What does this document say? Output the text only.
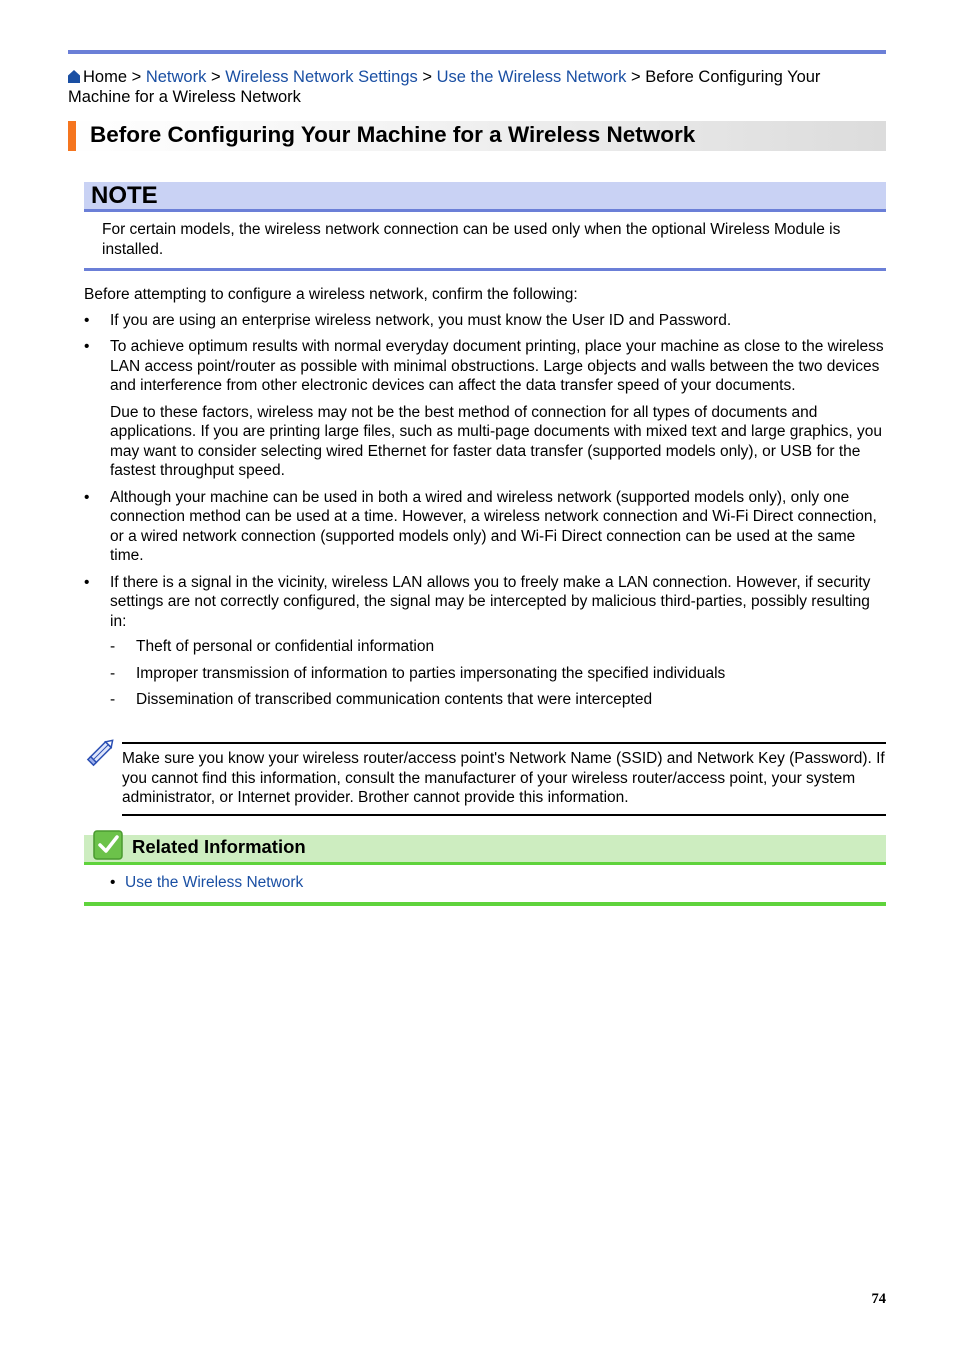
Home > Network > Wireless Network Settings > Use the Wireless Network > Before Configuring Your
Machine for a Wireless Network
Before Configuring Your Machine for a Wireless Network
NOTE
For certain models, the wireless network connection can be used only when the optional Wireless Module is installed.

Before attempting to configure a wireless network, confirm the following:

• If you are using an enterprise wireless network, you must know the User ID and Password.
• To achieve optimum results with normal everyday document printing, place your machine as close to the wireless LAN access point/router as possible with minimal obstructions. Large objects and walls between the two devices and interference from other electronic devices can affect the data transfer speed of your documents.

Due to these factors, wireless may not be the best method of connection for all types of documents and applications. If you are printing large files, such as multi-page documents with mixed text and large graphics, you may want to consider selecting wired Ethernet for faster data transfer (supported models only), or USB for the fastest throughput speed.

• Although your machine can be used in both a wired and wireless network (supported models only), only one connection method can be used at a time. However, a wireless network connection and Wi-Fi Direct connection, or a wired network connection (supported models only) and Wi-Fi Direct connection can be used at the same time.
• If there is a signal in the vicinity, wireless LAN allows you to freely make a LAN connection. However, if security settings are not correctly configured, the signal may be intercepted by malicious third-parties, possibly resulting in:
- Theft of personal or confidential information
- Improper transmission of information to parties impersonating the specified individuals
- Dissemination of transcribed communication contents that were intercepted
Make sure you know your wireless router/access point's Network Name (SSID) and Network Key (Password). If you cannot find this information, consult the manufacturer of your wireless router/access point, your system administrator, or Internet provider. Brother cannot provide this information.
Related Information
• Use the Wireless Network
74
